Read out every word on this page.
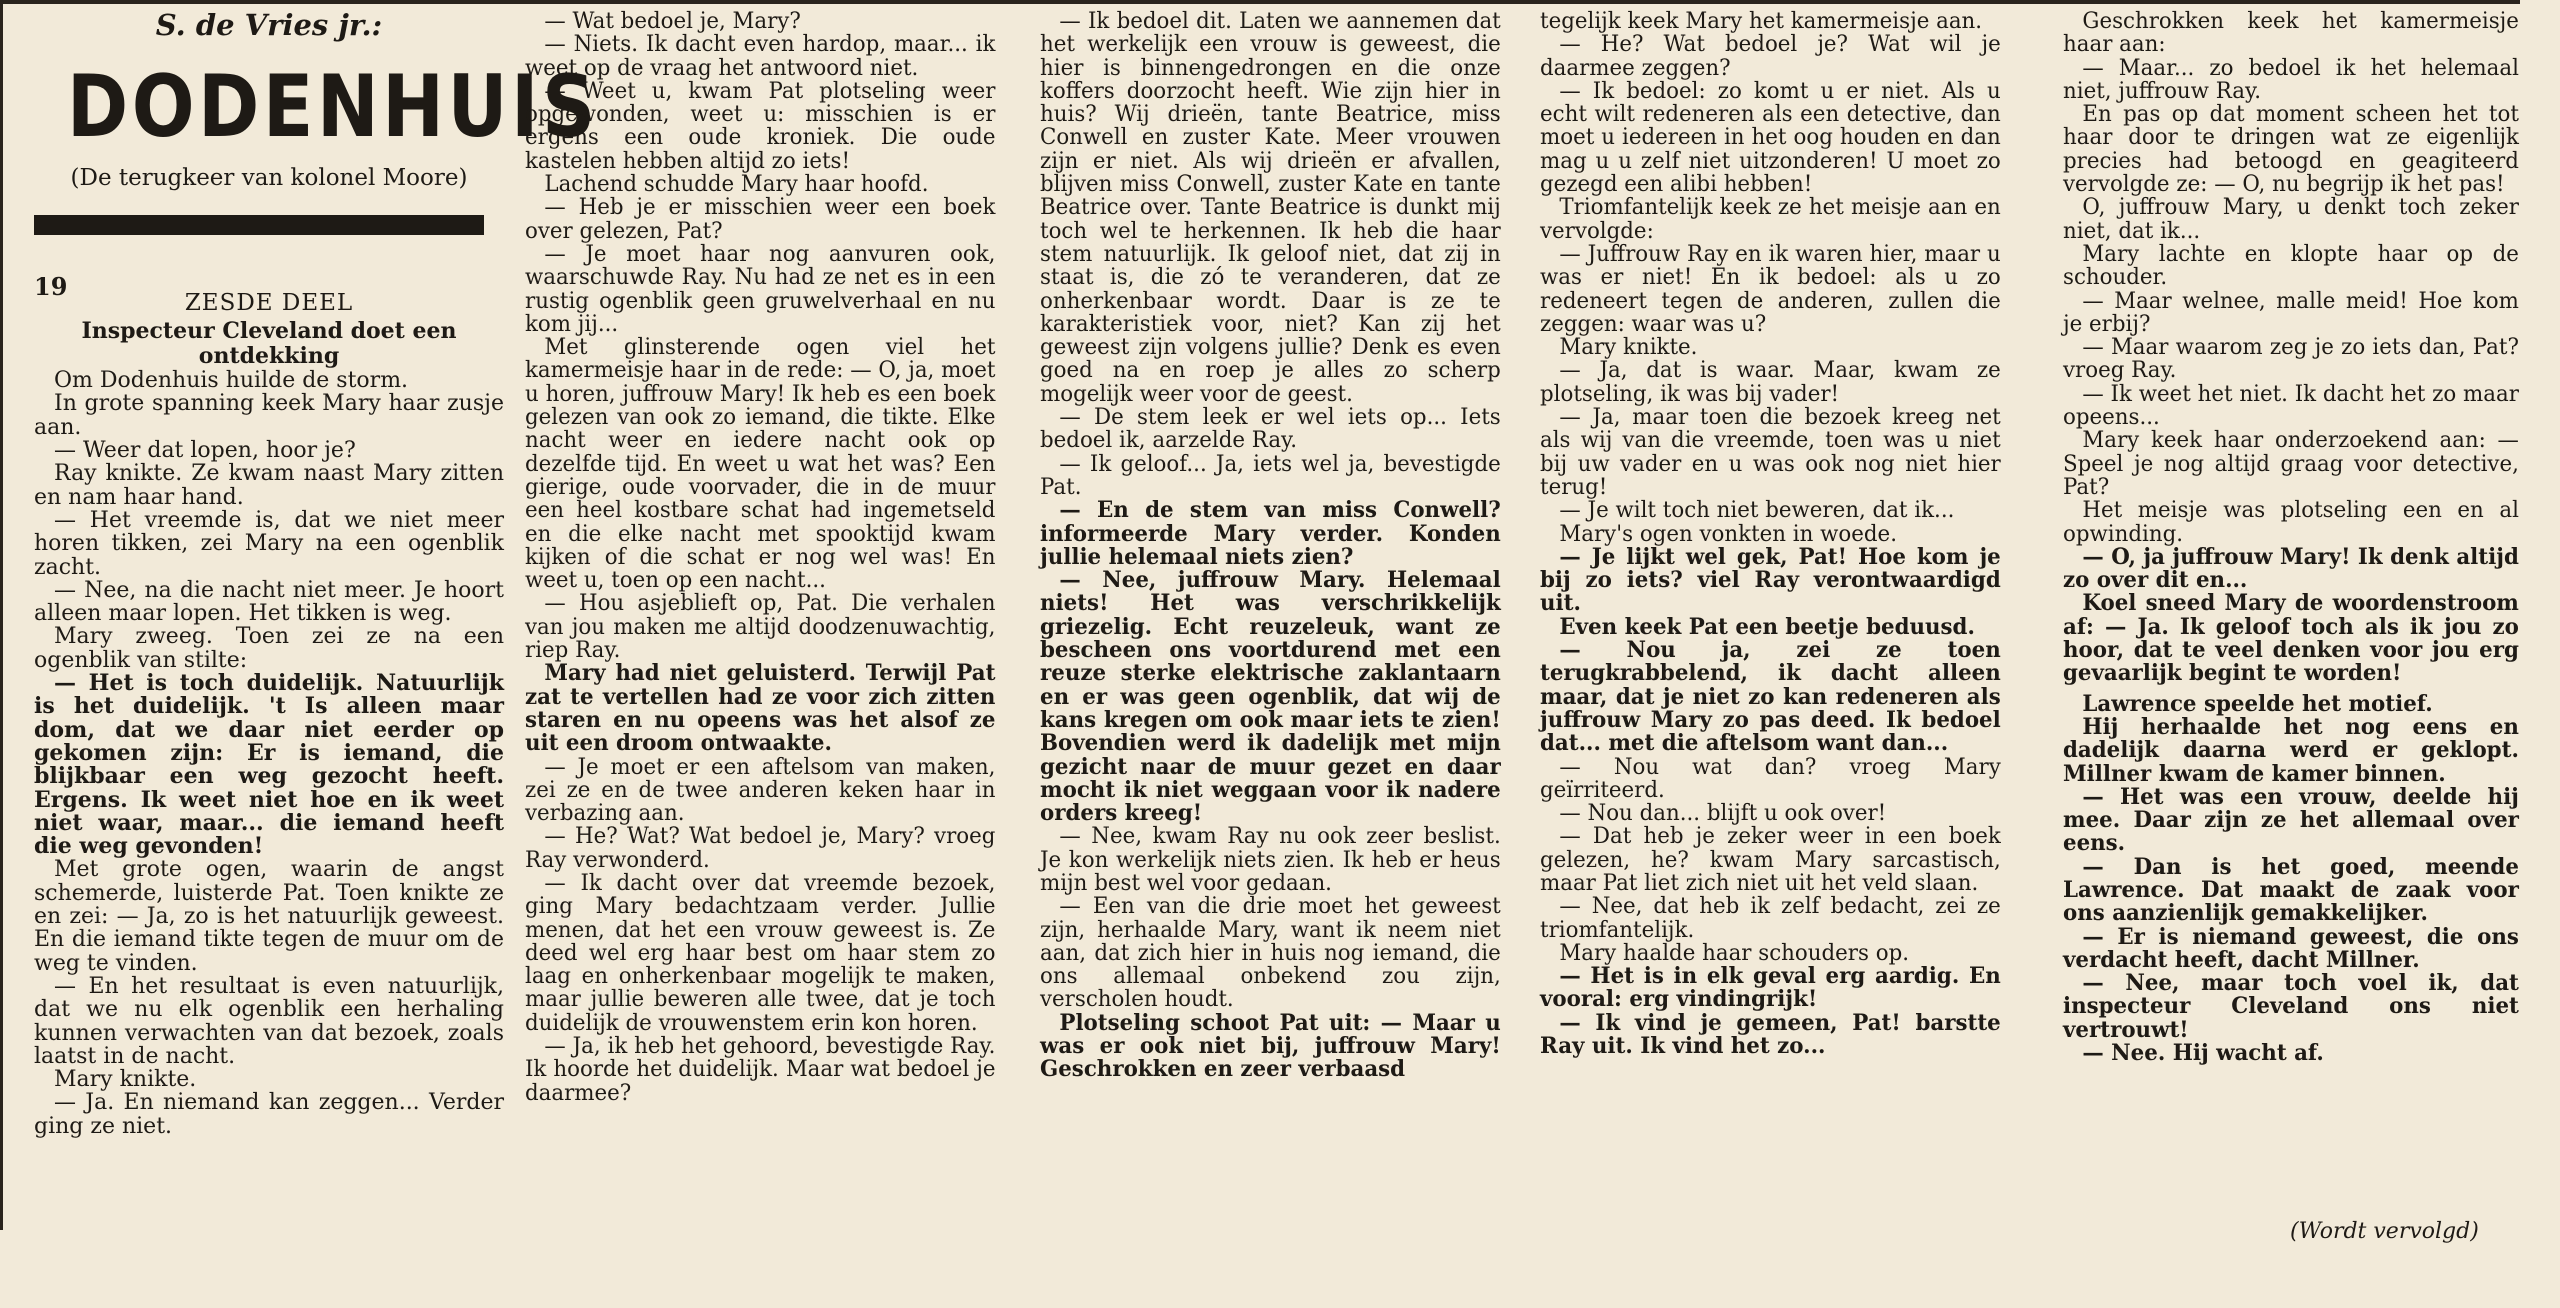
S. de Vries jr.:
DODENHUIS
(De terugkeer van kolonel Moore)
19
ZESDE DEEL
Inspecteur Cleveland doet een ontdekking

Om Dodenhuis huilde de storm.

In grote spanning keek Mary haar zusje aan.

— Weer dat lopen, hoor je?

Ray knikte. Ze kwam naast Mary zitten en nam haar hand.

— Het vreemde is, dat we niet meer horen tikken, zei Mary na een ogenblik zacht.

— Nee, na die nacht niet meer. Je hoort alleen maar lopen. Het tikken is weg.

Mary zweeg. Toen zei ze na een ogenblik van stilte:

— Het is toch duidelijk. Natuurlijk is het duidelijk. 't Is alleen maar dom, dat we daar niet eerder op gekomen zijn: Er is iemand, die blijkbaar een weg gezocht heeft. Ergens. Ik weet niet hoe en ik weet niet waar, maar... die iemand heeft die weg gevonden!

Met grote ogen, waarin de angst schemerde, luisterde Pat. Toen knikte ze en zei: — Ja, zo is het natuurlijk geweest. En die iemand tikte tegen de muur om de weg te vinden.

— En het resultaat is even natuurlijk, dat we nu elk ogenblik een herhaling kunnen verwachten van dat bezoek, zoals laatst in de nacht.

Mary knikte.

— Ja. En niemand kan zeggen... Verder ging ze niet.

— Wat bedoel je, Mary?

— Niets. Ik dacht even hardop, maar... ik weet op de vraag het antwoord niet.

— Weet u, kwam Pat plotseling weer opgewonden, weet u: misschien is er ergens een oude kroniek. Die oude kastelen hebben altijd zo iets!

Lachend schudde Mary haar hoofd.

— Heb je er misschien weer een boek over gelezen, Pat?

— Je moet haar nog aanvuren ook, waarschuwde Ray. Nu had ze net es in een rustig ogenblik geen gruwelverhaal en nu kom jij...

Met glinsterende ogen viel het kamermeisje haar in de rede: — O, ja, moet u horen, juffrouw Mary! Ik heb es een boek gelezen van ook zo iemand, die tikte. Elke nacht weer en iedere nacht ook op dezelfde tijd. En weet u wat het was? Een gierige, oude voorvader, die in de muur een heel kostbare schat had ingemetseld en die elke nacht met spooktijd kwam kijken of die schat er nog wel was! En weet u, toen op een nacht...

— Hou asjeblieft op, Pat. Die verhalen van jou maken me altijd doodzenuwachtig, riep Ray.

Mary had niet geluisterd. Terwijl Pat zat te vertellen had ze voor zich zitten staren en nu opeens was het alsof ze uit een droom ontwaakte.

— Je moet er een aftelsom van maken, zei ze en de twee anderen keken haar in verbazing aan.

— He? Wat? Wat bedoel je, Mary? vroeg Ray verwonderd.

— Ik dacht over dat vreemde bezoek, ging Mary bedachtzaam verder. Jullie menen, dat het een vrouw geweest is. Ze deed wel erg haar best om haar stem zo laag en onherkenbaar mogelijk te maken, maar jullie beweren alle twee, dat je toch duidelijk de vrouwenstem erin kon horen.

— Ja, ik heb het gehoord, bevestigde Ray. Ik hoorde het duidelijk. Maar wat bedoel je daarmee?

— Ik bedoel dit. Laten we aannemen dat het werkelijk een vrouw is geweest, die hier is binnengedrongen en die onze koffers doorzocht heeft. Wie zijn hier in huis? Wij drieën, tante Beatrice, miss Conwell en zuster Kate. Meer vrouwen zijn er niet. Als wij drieën er afvallen, blijven miss Conwell, zuster Kate en tante Beatrice over. Tante Beatrice is dunkt mij toch wel te herkennen. Ik heb die haar stem natuurlijk. Ik geloof niet, dat zij in staat is, die zó te veranderen, dat ze onherkenbaar wordt. Daar is ze te karakteristiek voor, niet? Kan zij het geweest zijn volgens jullie? Denk es even goed na en roep je alles zo scherp mogelijk weer voor de geest.

— De stem leek er wel iets op... Iets bedoel ik, aarzelde Ray.

— Ik geloof... Ja, iets wel ja, bevestigde Pat.

— En de stem van miss Conwell? informeerde Mary verder. Konden jullie helemaal niets zien?

— Nee, juffrouw Mary. Helemaal niets! Het was verschrikkelijk griezelig. Echt reuzeleuk, want ze bescheen ons voortdurend met een reuze sterke elektrische zaklantaarn en er was geen ogenblik, dat wij de kans kregen om ook maar iets te zien! Bovendien werd ik dadelijk met mijn gezicht naar de muur gezet en daar mocht ik niet weggaan voor ik nadere orders kreeg!

— Nee, kwam Ray nu ook zeer beslist. Je kon werkelijk niets zien. Ik heb er heus mijn best wel voor gedaan.

— Een van die drie moet het geweest zijn, herhaalde Mary, want ik neem niet aan, dat zich hier in huis nog iemand, die ons allemaal onbekend zou zijn, verscholen houdt.

Plotseling schoot Pat uit: — Maar u was er ook niet bij, juffrouw Mary! Geschrokken en zeer verbaasd

tegelijk keek Mary het kamermeisje aan.

— He? Wat bedoel je? Wat wil je daarmee zeggen?

— Ik bedoel: zo komt u er niet. Als u echt wilt redeneren als een detective, dan moet u iedereen in het oog houden en dan mag u u zelf niet uitzonderen! U moet zo gezegd een alibi hebben!

Triomfantelijk keek ze het meisje aan en vervolgde:

— Juffrouw Ray en ik waren hier, maar u was er niet! En ik bedoel: als u zo redeneert tegen de anderen, zullen die zeggen: waar was u?

Mary knikte.

— Ja, dat is waar. Maar, kwam ze plotseling, ik was bij vader!

— Ja, maar toen die bezoek kreeg net als wij van die vreemde, toen was u niet bij uw vader en u was ook nog niet hier terug!

— Je wilt toch niet beweren, dat ik...

Mary's ogen vonkten in woede.

— Je lijkt wel gek, Pat! Hoe kom je bij zo iets? viel Ray verontwaardigd uit.

Even keek Pat een beetje beduusd.

— Nou ja, zei ze toen terugkrabbelend, ik dacht alleen maar, dat je niet zo kan redeneren als juffrouw Mary zo pas deed. Ik bedoel dat... met die aftelsom want dan...

— Nou wat dan? vroeg Mary geïrriteerd.

— Nou dan... blijft u ook over!

— Dat heb je zeker weer in een boek gelezen, he? kwam Mary sarcastisch, maar Pat liet zich niet uit het veld slaan.

— Nee, dat heb ik zelf bedacht, zei ze triomfantelijk.

Mary haalde haar schouders op.

— Het is in elk geval erg aardig. En vooral: erg vindingrijk!

— Ik vind je gemeen, Pat! barstte Ray uit. Ik vind het zo...

Geschrokken keek het kamermeisje haar aan:

— Maar... zo bedoel ik het helemaal niet, juffrouw Ray.

En pas op dat moment scheen het tot haar door te dringen wat ze eigenlijk precies had betoogd en geagiteerd vervolgde ze: — O, nu begrijp ik het pas!

O, juffrouw Mary, u denkt toch zeker niet, dat ik...

Mary lachte en klopte haar op de schouder.

— Maar welnee, malle meid! Hoe kom je erbij?

— Maar waarom zeg je zo iets dan, Pat? vroeg Ray.

— Ik weet het niet. Ik dacht het zo maar opeens...

Mary keek haar onderzoekend aan: — Speel je nog altijd graag voor detective, Pat?

Het meisje was plotseling een en al opwinding.

— O, ja juffrouw Mary! Ik denk altijd zo over dit en...

Koel sneed Mary de woordenstroom af: — Ja. Ik geloof toch als ik jou zo hoor, dat te veel denken voor jou erg gevaarlijk begint te worden!

Lawrence speelde het motief.

Hij herhaalde het nog eens en dadelijk daarna werd er geklopt. Millner kwam de kamer binnen.

— Het was een vrouw, deelde hij mee. Daar zijn ze het allemaal over eens.

— Dan is het goed, meende Lawrence. Dat maakt de zaak voor ons aanzienlijk gemakkelijker.

— Er is niemand geweest, die ons verdacht heeft, dacht Millner.

— Nee, maar toch voel ik, dat inspecteur Cleveland ons niet vertrouwt!

— Nee. Hij wacht af.

(Wordt vervolgd)
